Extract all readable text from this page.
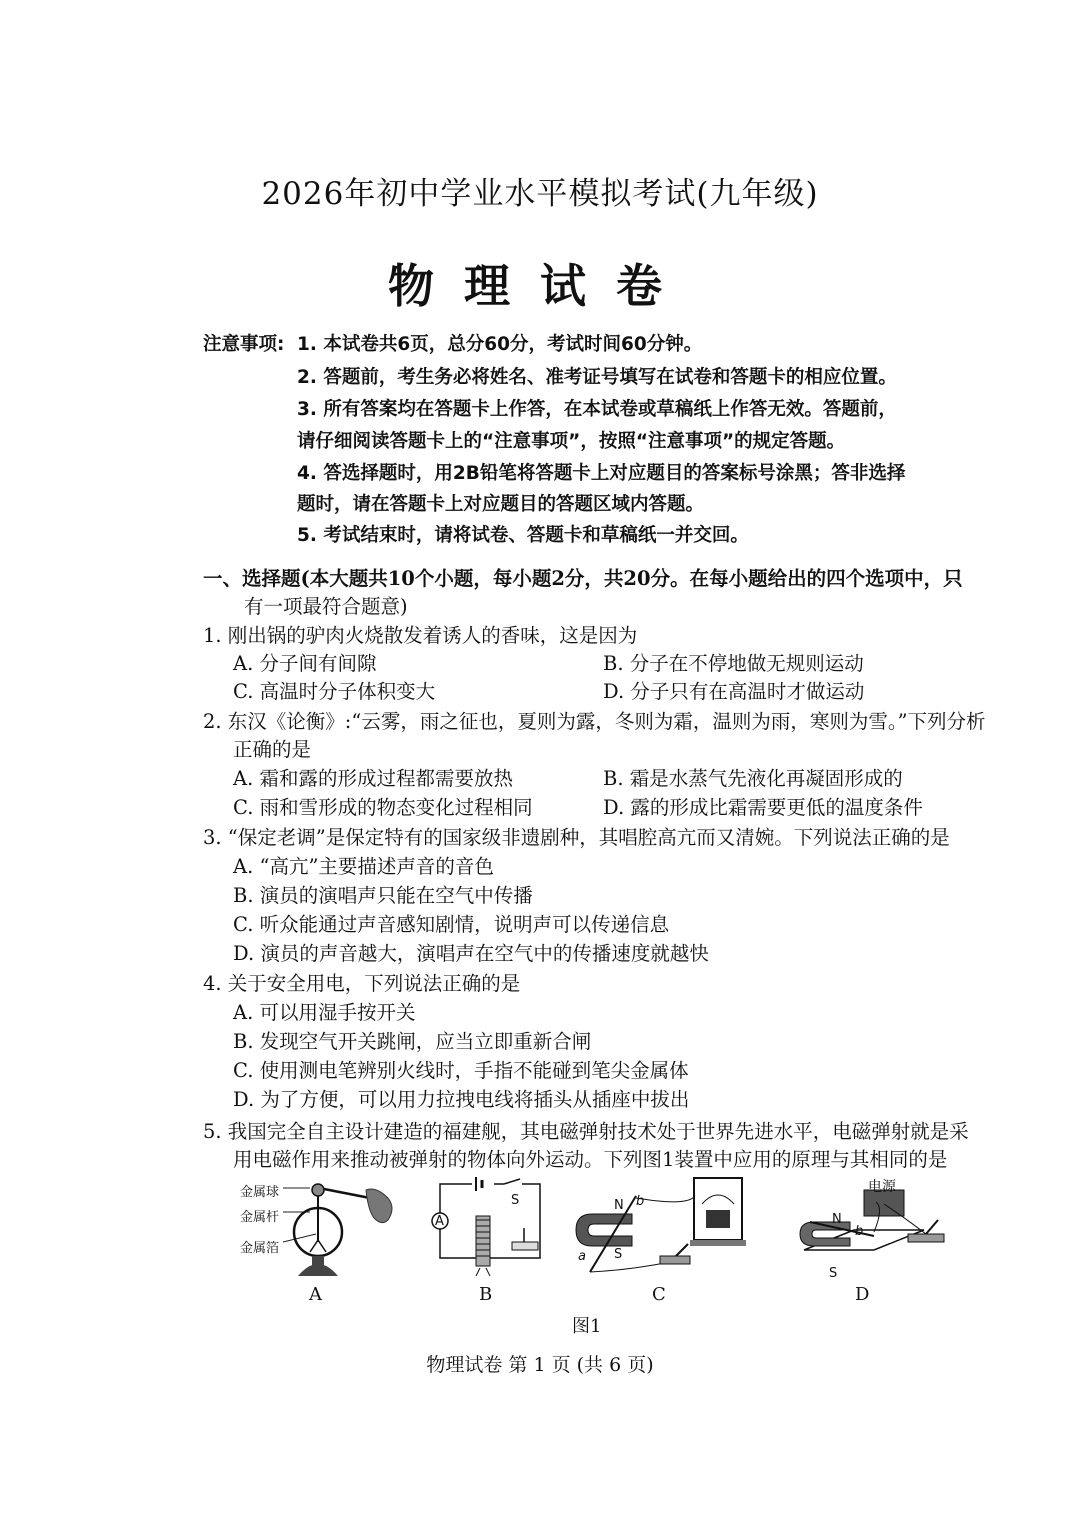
2026年初中学业水平模拟考试(九年级)
物理试卷
注意事项: 1. 本试卷共6页，总分60分，考试时间60分钟。
2. 答题前，考生务必将姓名、准考证号填写在试卷和答题卡的相应位置。
3. 所有答案均在答题卡上作答，在本试卷或草稿纸上作答无效。答题前，
请仔细阅读答题卡上的“注意事项”，按照“注意事项”的规定答题。
4. 答选择题时，用2B铅笔将答题卡上对应题目的答案标号涂黑；答非选择
题时，请在答题卡上对应题目的答题区域内答题。
5. 考试结束时，请将试卷、答题卡和草稿纸一并交回。
一、选择题(本大题共10个小题，每小题2分，共20分。在每小题给出的四个选项中，只
有一项最符合题意)
1. 刚出锅的驴肉火烧散发着诱人的香味，这是因为
A. 分子间有间隙	B. 分子在不停地做无规则运动
C. 高温时分子体积变大	D. 分子只有在高温时才做运动
2. 东汉《论衡》:“云雾，雨之征也，夏则为露，冬则为霜，温则为雨，寒则为雪。”下列分析
正确的是
A. 霜和露的形成过程都需要放热	B. 霜是水蒸气先液化再凝固形成的
C. 雨和雪形成的物态变化过程相同	D. 露的形成比霜需要更低的温度条件
3. “保定老调”是保定特有的国家级非遗剧种，其唱腔高亢而又清婉。下列说法正确的是
A. “高亢”主要描述声音的音色
B. 演员的演唱声只能在空气中传播
C. 听众能通过声音感知剧情，说明声可以传递信息
D. 演员的声音越大，演唱声在空气中的传播速度就越快
4. 关于安全用电，下列说法正确的是
A. 可以用湿手按开关
B. 发现空气开关跳闸，应当立即重新合闸
C. 使用测电笔辨别火线时，手指不能碰到笔尖金属体
D. 为了方便，可以用力拉拽电线将插头从插座中拔出
5. 我国完全自主设计建造的福建舰，其电磁弹射技术处于世界先进水平，电磁弹射就是采
用电磁作用来推动被弹射的物体向外运动。下列图1装置中应用的原理与其相同的是
金属球
金属杆
金属箔
A
A
S
B
N b
S
a
C
电源
N
b
S
D
图1
物理试卷 第 1 页 (共 6 页)
